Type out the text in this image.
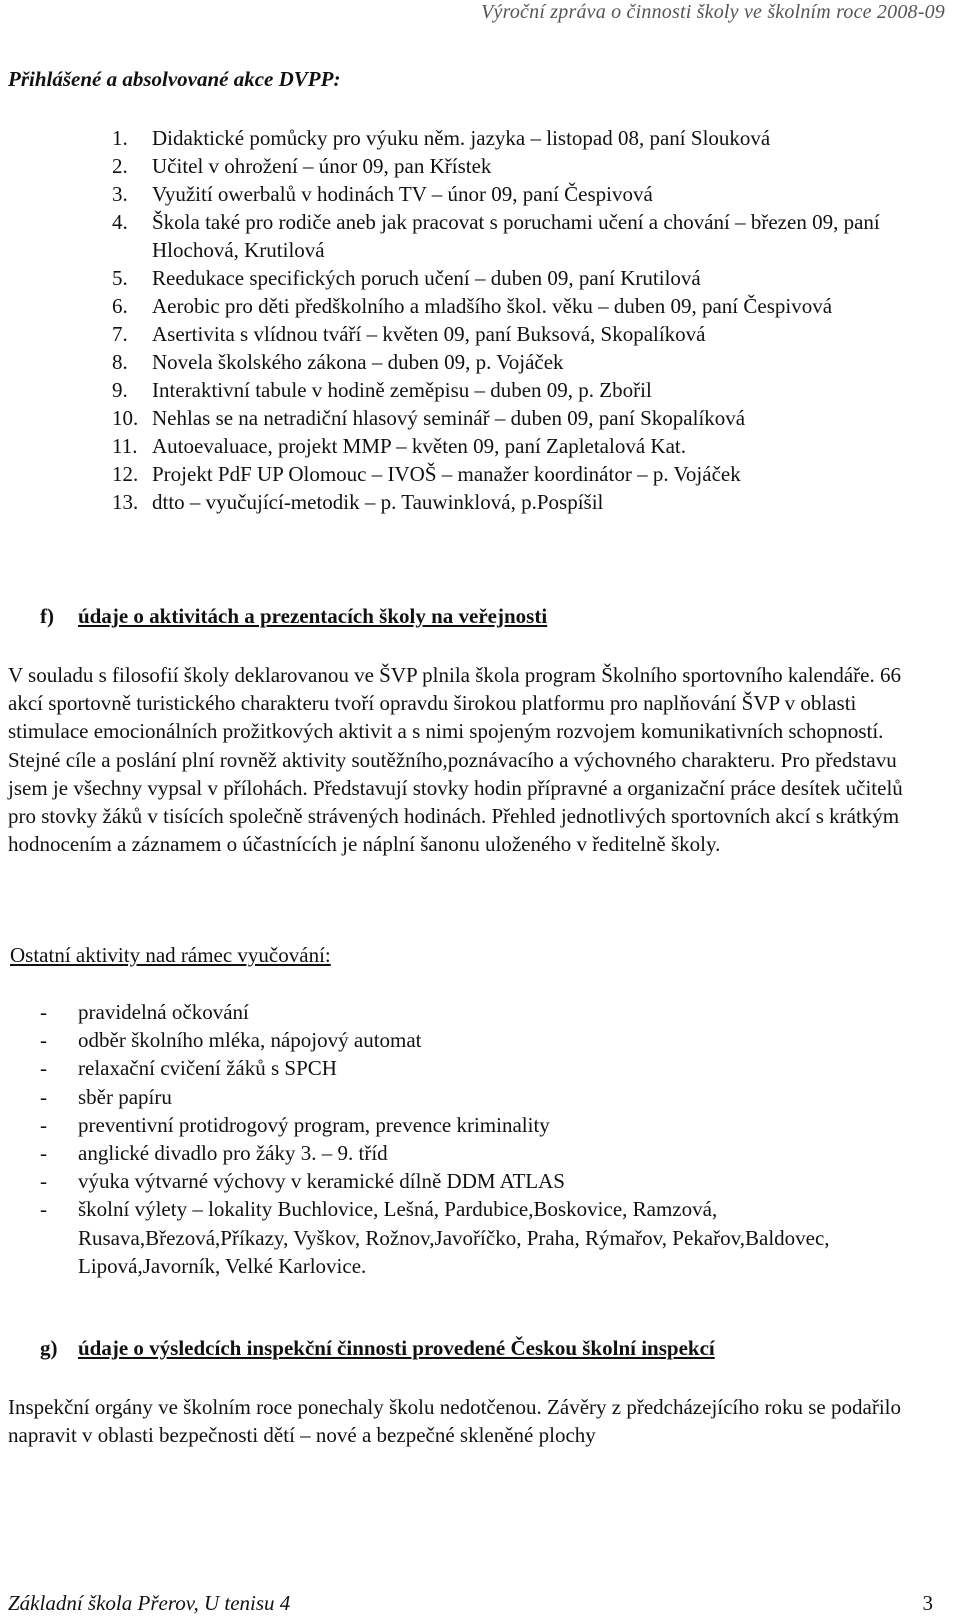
Výroční zpráva o činnosti školy ve školním roce 2008-09
Přihlášené a absolvované akce DVPP:
1. Didaktické pomůcky pro výuku něm. jazyka – listopad 08, paní Slouková
2. Učitel v ohrožení – únor 09, pan Křístek
3. Využití owerbalů v hodinách TV – únor 09, paní Čespivová
4. Škola také pro rodiče aneb jak pracovat s poruchami učení a chování – březen 09, paní Hlochová, Krutilová
5. Reedukace specifických poruch učení – duben 09, paní Krutilová
6. Aerobic pro děti předškolního a mladšího škol. věku – duben 09, paní Čespivová
7. Asertivita s vlídnou tváří – květen 09, paní Buksová, Skopalíková
8. Novela školského zákona – duben 09, p. Vojáček
9. Interaktivní tabule v hodině zeměpisu – duben 09, p. Zbořil
10. Nehlas se na netradiční hlasový seminář – duben 09, paní Skopalíková
11. Autoevaluace, projekt MMP – květen 09, paní Zapletalová Kat.
12. Projekt PdF UP Olomouc – IVOŠ – manažer koordinátor – p. Vojáček
13. dtto – vyučující-metodik – p. Tauwinklová, p.Pospíšil
f) údaje o aktivitách a prezentacích školy na veřejnosti

V souladu s filosofií školy deklarovanou ve ŠVP plnila škola program Školního sportovního kalendáře. 66 akcí sportovně turistického charakteru tvoří opravdu širokou platformu pro naplňování ŠVP v oblasti stimulace emocionálních prožitkových aktivit a s nimi spojeným rozvojem komunikativních schopností. Stejné cíle a poslání plní rovněž aktivity soutěžního,poznávacího a výchovného charakteru. Pro představu jsem je všechny vypsal v přílohách. Představují stovky hodin přípravné a organizační práce desítek učitelů pro stovky žáků v tisících společně strávených hodinách. Přehled jednotlivých sportovních akcí s krátkým hodnocením a záznamem o účastnících je náplní šanonu uloženého v ředitelně školy.

Ostatní aktivity nad rámec vyučování:
- pravidelná očkování
- odběr školního mléka, nápojový automat
- relaxační cvičení žáků s SPCH
- sběr papíru
- preventivní protidrogový program, prevence kriminality
- anglické divadlo pro žáky 3. – 9. tříd
- výuka výtvarné výchovy v keramické dílně DDM ATLAS
- školní výlety – lokality Buchlovice, Lešná, Pardubice,Boskovice, Ramzová, Rusava,Březová,Příkazy, Vyškov, Rožnov,Javoříčko, Praha, Rýmařov, Pekařov,Baldovec, Lipová,Javorník, Velké Karlovice.
g) údaje o výsledcích inspekční činnosti provedené Českou školní inspekcí

Inspekční orgány ve školním roce ponechaly školu nedotčenou. Závěry z předcházejícího roku se podařilo napravit v oblasti bezpečnosti dětí – nové a bezpečné skleněné plochy

Základní škola Přerov, U tenisu 4	3
